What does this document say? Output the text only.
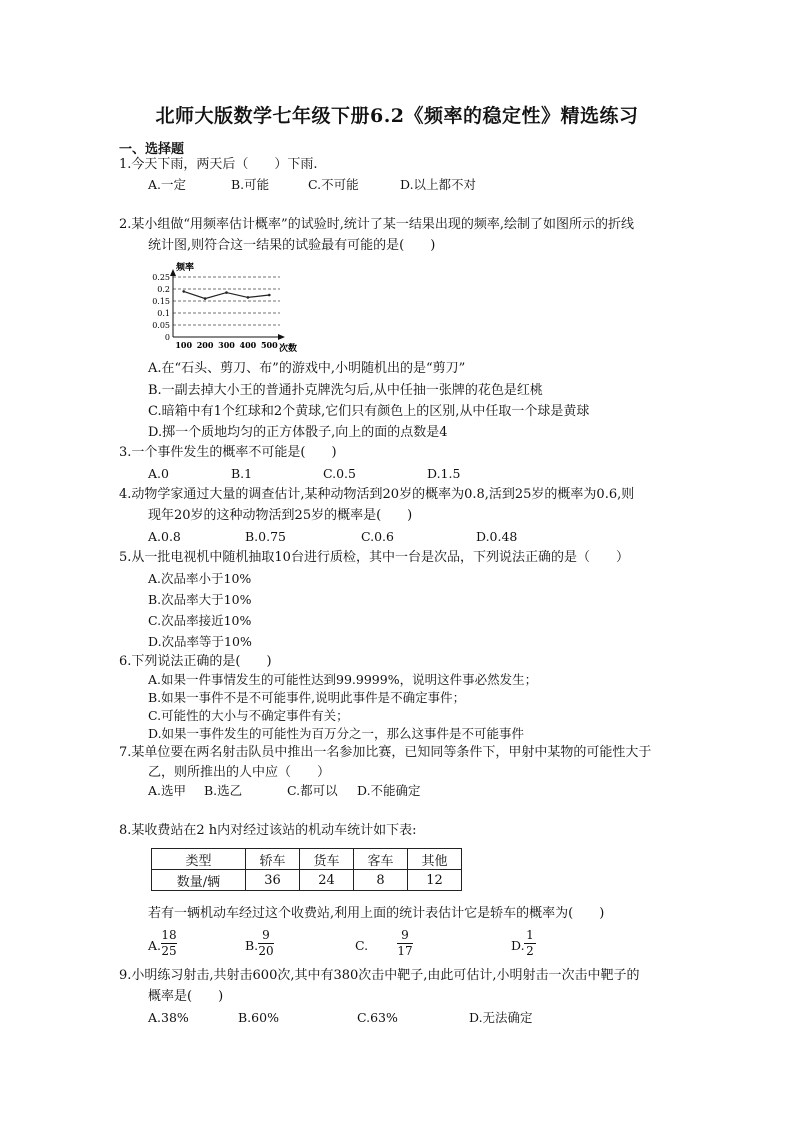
北师大版数学七年级下册6.2《频率的稳定性》精选练习
一、选择题
1.今天下雨，两天后（　　）下雨.
A.一定	B.可能	C.不可能	D.以上都不对
2.某小组做“用频率估计概率”的试验时,统计了某一结果出现的频率,绘制了如图所示的折线
统计图,则符合这一结果的试验最有可能的是(　　)
0.25
0.2
0.15
0.1
0.05
0
100 200 300 400 500
频率
次数
A.在“石头、剪刀、布”的游戏中,小明随机出的是“剪刀”
B.一副去掉大小王的普通扑克牌洗匀后,从中任抽一张牌的花色是红桃
C.暗箱中有1个红球和2个黄球,它们只有颜色上的区别,从中任取一个球是黄球
D.掷一个质地均匀的正方体骰子,向上的面的点数是4
3.一个事件发生的概率不可能是(　　)
A.0	B.1	C.0.5	D.1.5
4.动物学家通过大量的调查估计,某种动物活到20岁的概率为0.8,活到25岁的概率为0.6,则
现年20岁的这种动物活到25岁的概率是(　　)
A.0.8	B.0.75	C.0.6	D.0.48
5.从一批电视机中随机抽取10台进行质检，其中一台是次品，下列说法正确的是（　　）
A.次品率小于10%
B.次品率大于10%
C.次品率接近10%
D.次品率等于10%
6.下列说法正确的是(　　)
A.如果一件事情发生的可能性达到99.9999%，说明这件事必然发生；
B.如果一事件不是不可能事件,说明此事件是不确定事件；
C.可能性的大小与不确定事件有关；
D.如果一事件发生的可能性为百万分之一，那么这事件是不可能事件
7.某单位要在两名射击队员中推出一名参加比赛，已知同等条件下，甲射中某物的可能性大于
乙，则所推出的人中应（　　）
A.选甲 B.选乙	C.都可以 D.不能确定
8.某收费站在2 h内对经过该站的机动车统计如下表:
类型	轿车	货车	客车	其他
数量/辆	36	24	8	12
若有一辆机动车经过这个收费站,利用上面的统计表估计它是轿车的概率为(　　)
A.
18
25	B.
9
20	C.
9
17	D.
1
2
9.小明练习射击,共射击600次,其中有380次击中靶子,由此可估计,小明射击一次击中靶子的
概率是(　　)
A.38%	B.60%	C.63%	D.无法确定
